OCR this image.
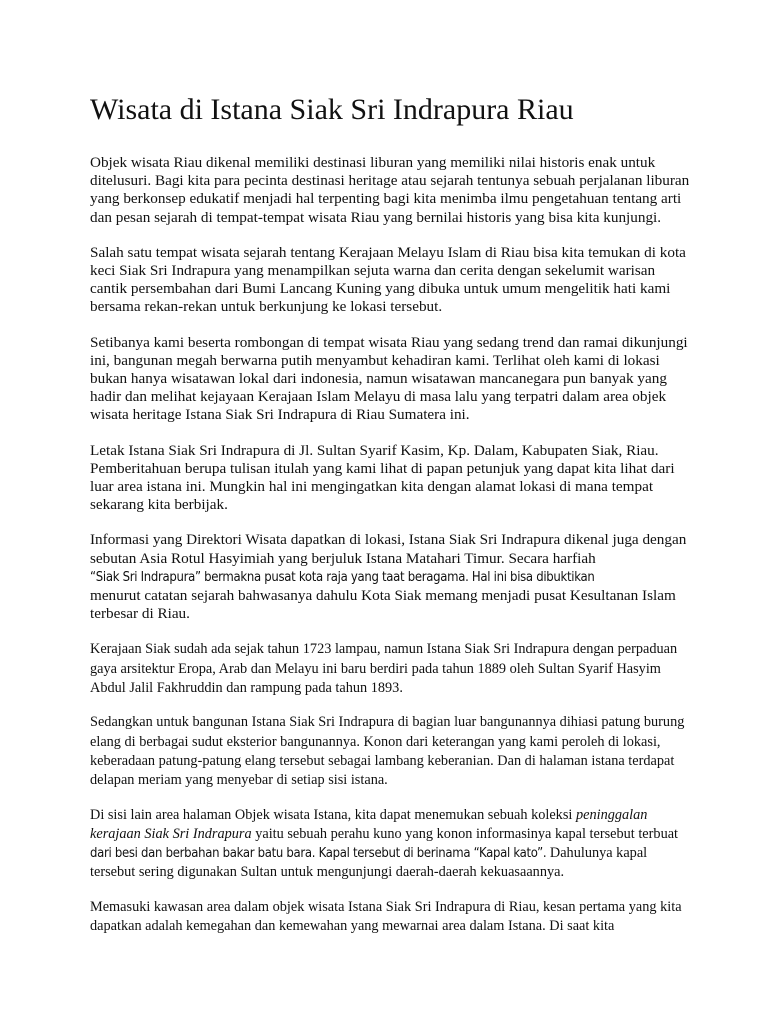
Wisata di Istana Siak Sri Indrapura Riau

Objek wisata Riau dikenal memiliki destinasi liburan yang memiliki nilai historis enak untuk ditelusuri. Bagi kita para pecinta destinasi heritage atau sejarah tentunya sebuah perjalanan liburan yang berkonsep edukatif menjadi hal terpenting bagi kita menimba ilmu pengetahuan tentang arti dan pesan sejarah di tempat-tempat wisata Riau yang bernilai historis yang bisa kita kunjungi.

Salah satu tempat wisata sejarah tentang Kerajaan Melayu Islam di Riau bisa kita temukan di kota keci Siak Sri Indrapura yang menampilkan sejuta warna dan cerita dengan sekelumit warisan cantik persembahan dari Bumi Lancang Kuning yang dibuka untuk umum mengelitik hati kami bersama rekan-rekan untuk berkunjung ke lokasi tersebut.

Setibanya kami beserta rombongan di tempat wisata Riau yang sedang trend dan ramai dikunjungi ini, bangunan megah berwarna putih menyambut kehadiran kami. Terlihat oleh kami di lokasi bukan hanya wisatawan lokal dari indonesia, namun wisatawan mancanegara pun banyak yang hadir dan melihat kejayaan Kerajaan Islam Melayu di masa lalu yang terpatri dalam area objek wisata heritage Istana Siak Sri Indrapura di Riau Sumatera ini.

Letak Istana Siak Sri Indrapura di Jl. Sultan Syarif Kasim, Kp. Dalam, Kabupaten Siak, Riau. Pemberitahuan berupa tulisan itulah yang kami lihat di papan petunjuk yang dapat kita lihat dari luar area istana ini. Mungkin hal ini mengingatkan kita dengan alamat lokasi di mana tempat sekarang kita berbijak.

Informasi yang Direktori Wisata dapatkan di lokasi, Istana Siak Sri Indrapura dikenal juga dengan sebutan Asia Rotul Hasyimiah yang berjuluk Istana Matahari Timur. Secara harfiah
“Siak Sri Indrapura” bermakna pusat kota raja yang taat beragama. Hal ini bisa dibuktikan
menurut catatan sejarah bahwasanya dahulu Kota Siak memang menjadi pusat Kesultanan Islam terbesar di Riau.

Kerajaan Siak sudah ada sejak tahun 1723 lampau, namun Istana Siak Sri Indrapura dengan perpaduan gaya arsitektur Eropa, Arab dan Melayu ini baru berdiri pada tahun 1889 oleh Sultan Syarif Hasyim Abdul Jalil Fakhruddin dan rampung pada tahun 1893.

Sedangkan untuk bangunan Istana Siak Sri Indrapura di bagian luar bangunannya dihiasi patung burung elang di berbagai sudut eksterior bangunannya. Konon dari keterangan yang kami peroleh di lokasi, keberadaan patung-patung elang tersebut sebagai lambang keberanian. Dan di halaman istana terdapat delapan meriam yang menyebar di setiap sisi istana.

Di sisi lain area halaman Objek wisata Istana, kita dapat menemukan sebuah koleksi peninggalan kerajaan Siak Sri Indrapura yaitu sebuah perahu kuno yang konon informasinya kapal tersebut terbuat dari besi dan berbahan bakar batu bara. Kapal tersebut di berinama “Kapal kato”. Dahulunya kapal tersebut sering digunakan Sultan untuk mengunjungi daerah-daerah kekuasaannya.

Memasuki kawasan area dalam objek wisata Istana Siak Sri Indrapura di Riau, kesan pertama yang kita dapatkan adalah kemegahan dan kemewahan yang mewarnai area dalam Istana. Di saat kita
